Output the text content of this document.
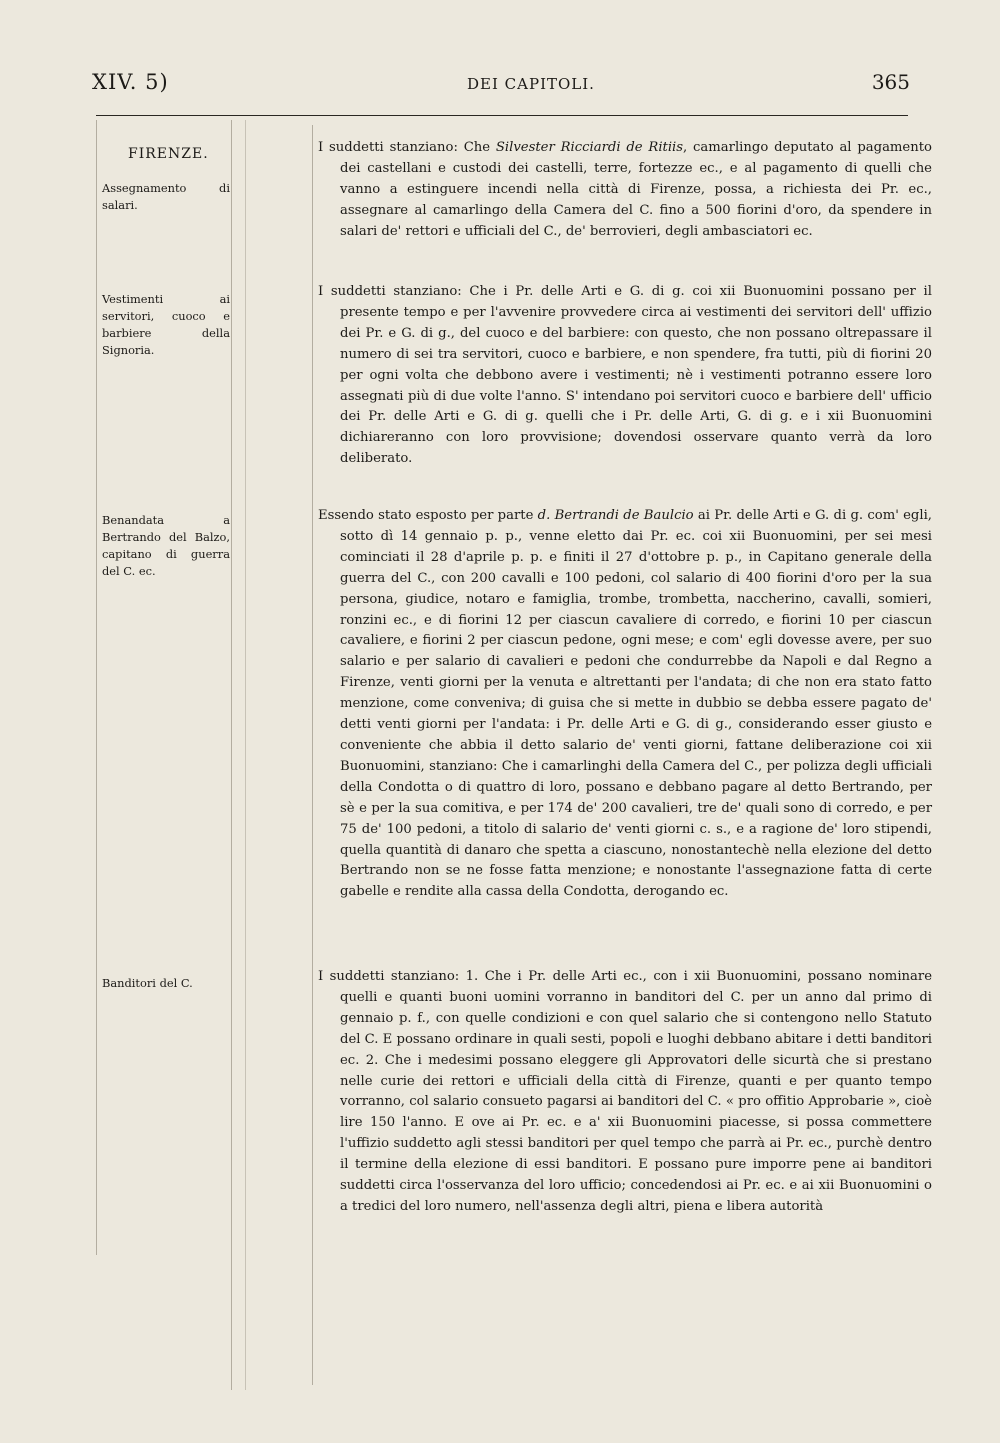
XIV. 5)	DEI CAPITOLI.	365
FIRENZE.
Assegnamento di salari.
Vestimenti ai servitori, cuoco e barbiere della Signoria.
Benandata a Bertrando del Balzo, capitano di guerra del C. ec.
Banditori del C.
I suddetti stanziano: Che Silvester Ricciardi de Ritiis, camarlingo deputato al pagamento dei castellani e custodi dei castelli, terre, fortezze ec., e al pagamento di quelli che vanno a estinguere incendi nella città di Firenze, possa, a richiesta dei Pr. ec., assegnare al camarlingo della Camera del C. fino a 500 fiorini d'oro, da spendere in salari de' rettori e ufficiali del C., de' berrovieri, degli ambasciatori ec.
I suddetti stanziano: Che i Pr. delle Arti e G. di g. coi xii Buonuomini possano per il presente tempo e per l'avvenire provvedere circa ai vestimenti dei servitori dell' uffizio dei Pr. e G. di g., del cuoco e del barbiere: con questo, che non possano oltrepassare il numero di sei tra servitori, cuoco e barbiere, e non spendere, fra tutti, più di fiorini 20 per ogni volta che debbono avere i vestimenti; nè i vestimenti potranno essere loro assegnati più di due volte l'anno. S' intendano poi servitori cuoco e barbiere dell' ufficio dei Pr. delle Arti e G. di g. quelli che i Pr. delle Arti, G. di g. e i xii Buonuomini dichiareranno con loro provvisione; dovendosi osservare quanto verrà da loro deliberato.
Essendo stato esposto per parte d. Bertrandi de Baulcio ai Pr. delle Arti e G. di g. com' egli, sotto dì 14 gennaio p. p., venne eletto dai Pr. ec. coi xii Buonuomini, per sei mesi cominciati il 28 d'aprile p. p. e finiti il 27 d'ottobre p. p., in Capitano generale della guerra del C., con 200 cavalli e 100 pedoni, col salario di 400 fiorini d'oro per la sua persona, giudice, notaro e famiglia, trombe, trombetta, naccherino, cavalli, somieri, ronzini ec., e di fiorini 12 per ciascun cavaliere di corredo, e fiorini 10 per ciascun cavaliere, e fiorini 2 per ciascun pedone, ogni mese; e com' egli dovesse avere, per suo salario e per salario di cavalieri e pedoni che condurrebbe da Napoli e dal Regno a Firenze, venti giorni per la venuta e altrettanti per l'andata; di che non era stato fatto menzione, come conveniva; di guisa che si mette in dubbio se debba essere pagato de' detti venti giorni per l'andata: i Pr. delle Arti e G. di g., considerando esser giusto e conveniente che abbia il detto salario de' venti giorni, fattane deliberazione coi xii Buonuomini, stanziano: Che i camarlinghi della Camera del C., per polizza degli ufficiali della Condotta o di quattro di loro, possano e debbano pagare al detto Bertrando, per sè e per la sua comitiva, e per 174 de' 200 cavalieri, tre de' quali sono di corredo, e per 75 de' 100 pedoni, a titolo di salario de' venti giorni c. s., e a ragione de' loro stipendi, quella quantità di danaro che spetta a ciascuno, nonostantechè nella elezione del detto Bertrando non se ne fosse fatta menzione; e nonostante l'assegnazione fatta di certe gabelle e rendite alla cassa della Condotta, derogando ec.
I suddetti stanziano: 1. Che i Pr. delle Arti ec., con i xii Buonuomini, possano nominare quelli e quanti buoni uomini vorranno in banditori del C. per un anno dal primo di gennaio p. f., con quelle condizioni e con quel salario che si contengono nello Statuto del C. E possano ordinare in quali sesti, popoli e luoghi debbano abitare i detti banditori ec. 2. Che i medesimi possano eleggere gli Approvatori delle sicurtà che si prestano nelle curie dei rettori e ufficiali della città di Firenze, quanti e per quanto tempo vorranno, col salario consueto pagarsi ai banditori del C. « pro offitio Approbarie », cioè lire 150 l'anno. E ove ai Pr. ec. e a' xii Buonuomini piacesse, si possa commettere l'uffizio suddetto agli stessi banditori per quel tempo che parrà ai Pr. ec., purchè dentro il termine della elezione di essi banditori. E possano pure imporre pene ai banditori suddetti circa l'osservanza del loro ufficio; concedendosi ai Pr. ec. e ai xii Buonuomini o a tredici del loro numero, nell'assenza degli altri, piena e libera autorità
